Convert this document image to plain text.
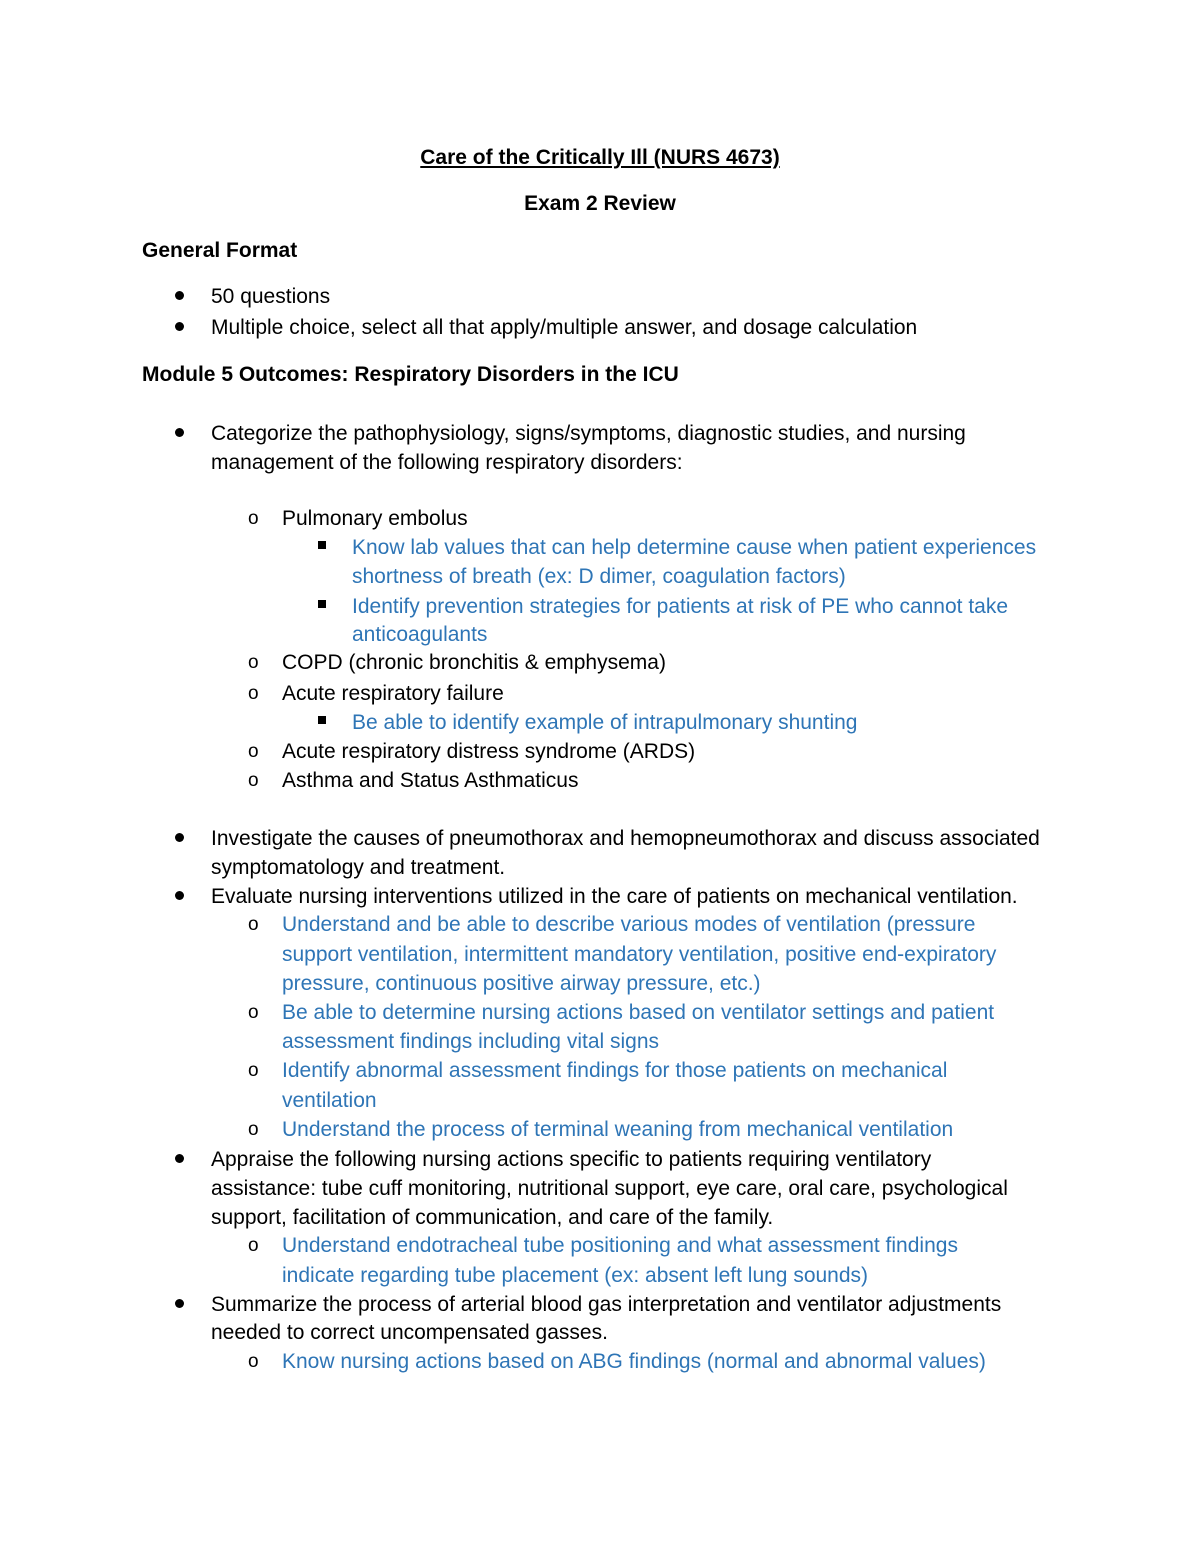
Care of the Critically Ill (NURS 4673)
Exam 2 Review
General Format
50 questions
Multiple choice, select all that apply/multiple answer, and dosage calculation
Module 5 Outcomes: Respiratory Disorders in the ICU
Categorize the pathophysiology, signs/symptoms, diagnostic studies, and nursing
management of the following respiratory disorders:
o Pulmonary embolus
Know lab values that can help determine cause when patient experiences
shortness of breath (ex: D dimer, coagulation factors)
Identify prevention strategies for patients at risk of PE who cannot take
anticoagulants
o COPD (chronic bronchitis & emphysema)
o Acute respiratory failure
Be able to identify example of intrapulmonary shunting
o Acute respiratory distress syndrome (ARDS)
o Asthma and Status Asthmaticus
Investigate the causes of pneumothorax and hemopneumothorax and discuss associated
symptomatology and treatment.
Evaluate nursing interventions utilized in the care of patients on mechanical ventilation.
o Understand and be able to describe various modes of ventilation (pressure
support ventilation, intermittent mandatory ventilation, positive end-expiratory
pressure, continuous positive airway pressure, etc.)
o Be able to determine nursing actions based on ventilator settings and patient
assessment findings including vital signs
o Identify abnormal assessment findings for those patients on mechanical
ventilation
o Understand the process of terminal weaning from mechanical ventilation
Appraise the following nursing actions specific to patients requiring ventilatory
assistance: tube cuff monitoring, nutritional support, eye care, oral care, psychological
support, facilitation of communication, and care of the family.
o Understand endotracheal tube positioning and what assessment findings
indicate regarding tube placement (ex: absent left lung sounds)
Summarize the process of arterial blood gas interpretation and ventilator adjustments
needed to correct uncompensated gasses.
o Know nursing actions based on ABG findings (normal and abnormal values)
